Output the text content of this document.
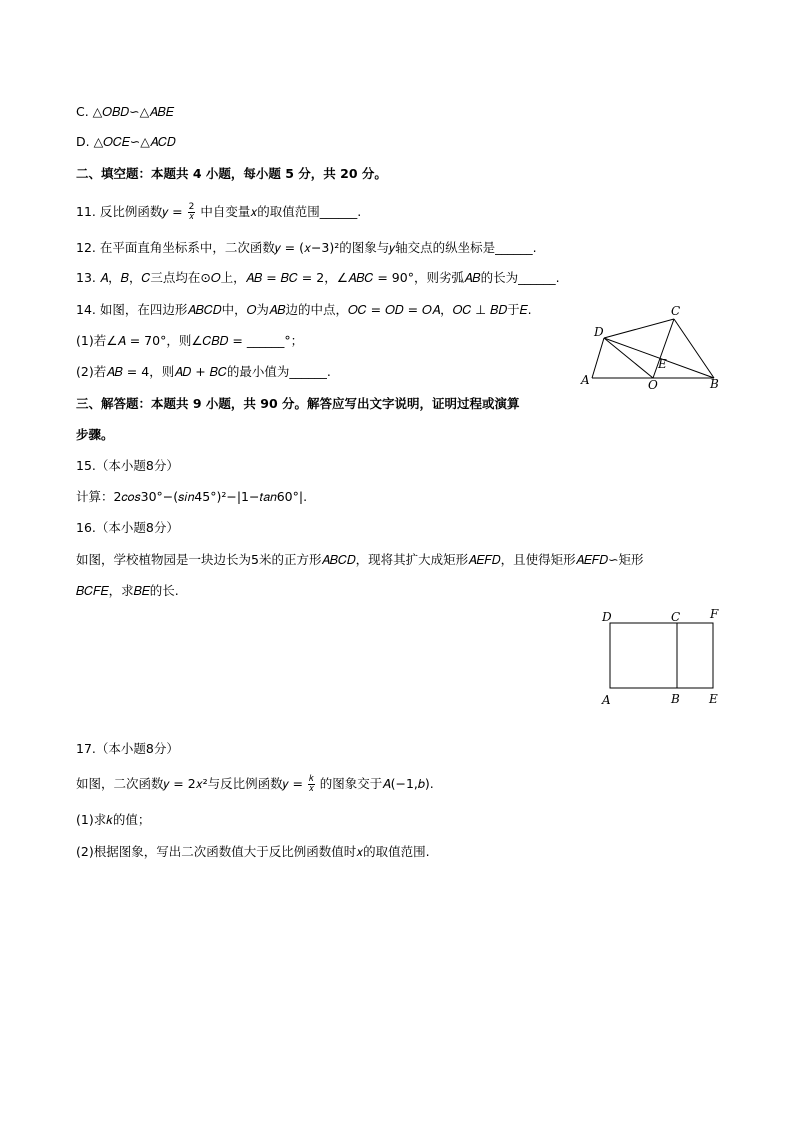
C. △𝑂𝐵𝐷∽△𝐴𝐵𝐸
D. △𝑂𝐶𝐸∽△𝐴𝐶𝐷
二、填空题：本题共 4 小题，每小题 5 分，共 20 分。
11. 反比例函数𝑦 = 2
𝑥 中自变量𝑥的取值范围______.
12. 在平面直角坐标系中，二次函数𝑦 = (𝑥−3)²的图象与𝑦轴交点的纵坐标是______.
13. 𝐴，𝐵，𝐶三点均在⊙𝑂上，𝐴𝐵 = 𝐵𝐶 = 2，∠𝐴𝐵𝐶 = 90°，则劣弧𝐴𝐵的长为______.
14. 如图，在四边形𝐴𝐵𝐶𝐷中，𝑂为𝐴𝐵边的中点，𝑂𝐶 = 𝑂𝐷 = 𝑂𝐴，𝑂𝐶 ⊥ 𝐵𝐷于𝐸.
(1)若∠𝐴 = 70°，则∠𝐶𝐵𝐷 = ______°；
(2)若𝐴𝐵 = 4，则𝐴𝐷 + 𝐵𝐶的最小值为______.
三、解答题：本题共 9 小题，共 90 分。解答应写出文字说明，证明过程或演算
步骤。
15.（本小题8分）
计算：2𝑐𝑜𝑠30°−(𝑠𝑖𝑛45°)²−|1−𝑡𝑎𝑛60°|.
16.（本小题8分）
如图，学校植物园是一块边长为5米的正方形𝐴𝐵𝐶𝐷，现将其扩大成矩形𝐴𝐸𝐹𝐷，且使得矩形𝐴𝐸𝐹𝐷∽矩形
𝐵𝐶𝐹𝐸，求𝐵𝐸的长.
17.（本小题8分）
如图，二次函数𝑦 = 2𝑥²与反比例函数𝑦 = 𝑘
𝑥 的图象交于𝐴(−1,𝑏).
(1)求𝑘的值；
(2)根据图象，写出二次函数值大于反比例函数值时𝑥的取值范围.
D
C
A	O
E
B
D	C F
A	B E
